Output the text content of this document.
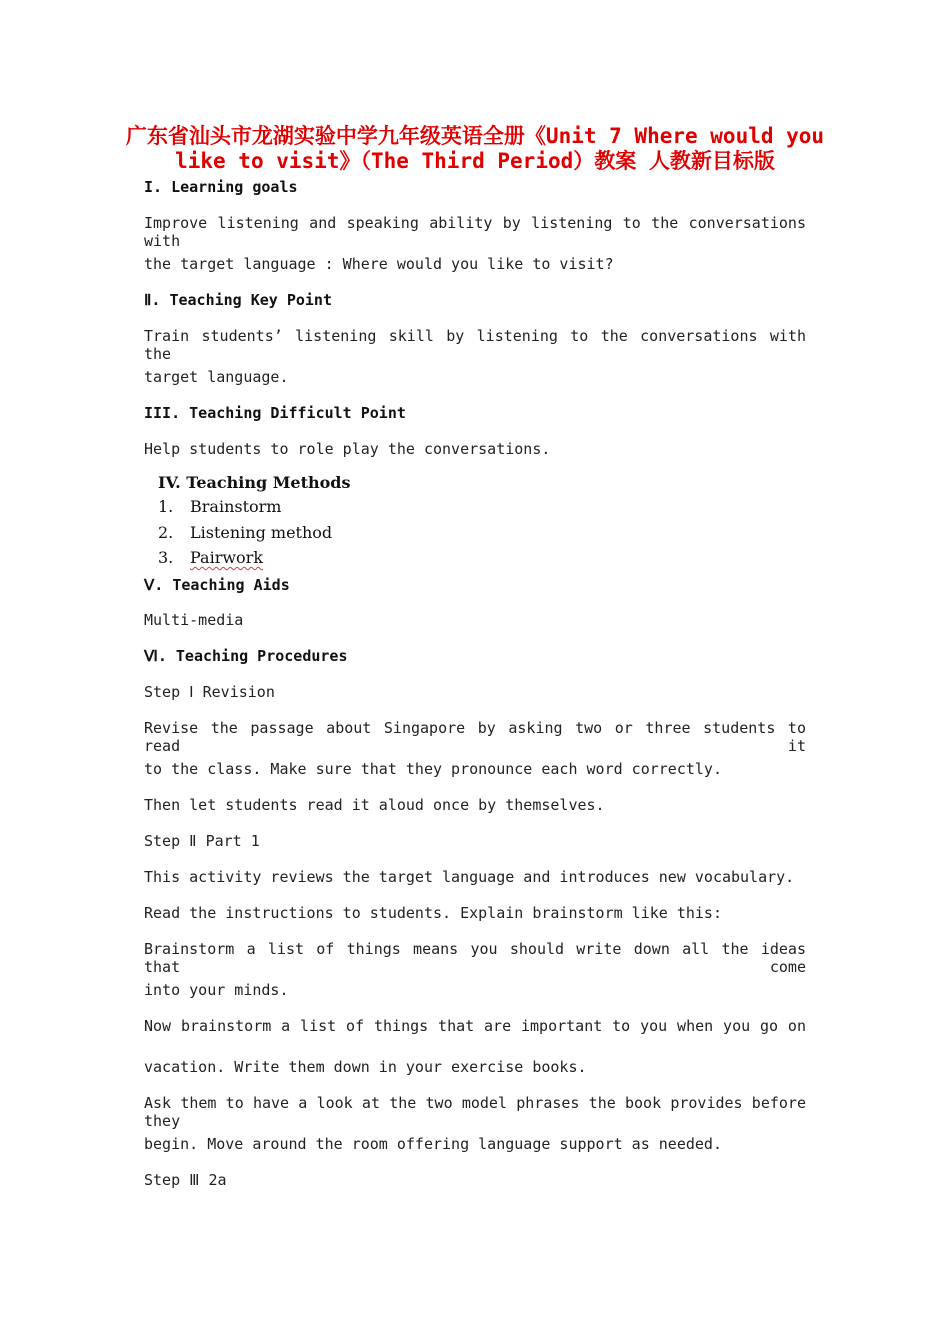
广东省汕头市龙湖实验中学九年级英语全册《Unit 7 Where would you like to visit》（The Third Period）教案 人教新目标版
I. Learning goals
Improve listening and speaking ability by listening to the conversations with
the target language : Where would you like to visit?
Ⅱ. Teaching Key Point
Train students’ listening skill by listening to the conversations with the
target language.
III. Teaching Difficult Point
Help students to role play the conversations.
IV. Teaching Methods
1. Brainstorm
2. Listening method
3. Pairwork
Ⅴ. Teaching Aids
Multi-media
Ⅵ. Teaching Procedures
Step Ⅰ Revision
Revise the passage about Singapore by asking two or three students to read it
to the class. Make sure that they pronounce each word correctly.
Then let students read it aloud once by themselves.
Step Ⅱ Part 1
This activity reviews the target language and introduces new vocabulary.
Read the instructions to students. Explain brainstorm like this:
Brainstorm a list of things means you should write down all the ideas that come
into your minds.
Now brainstorm a list of things that are important to you when you go on
vacation. Write them down in your exercise books.
Ask them to have a look at the two model phrases the book provides before they
begin. Move around the room offering language support as needed.
Step Ⅲ 2a
